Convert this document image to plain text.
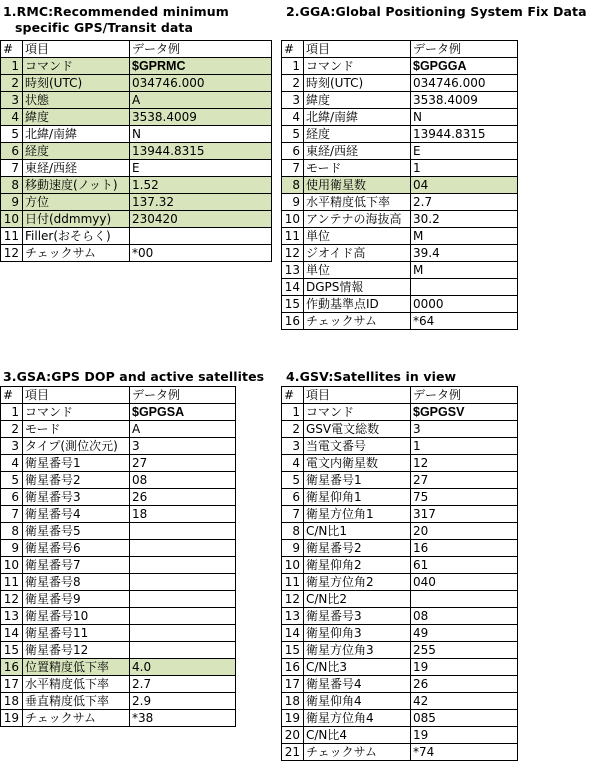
1.RMC:Recommended minimum
specific GPS/Transit data
#	項目	データ例
1	コマンド	$GPRMC
2	時刻(UTC)	034746.000
3	状態	A
4	緯度	3538.4009
5	北緯/南緯	N
6	経度	13944.8315
7	東経/西経	E
8	移動速度(ノット)	1.52
9	方位	137.32
10	日付(ddmmyy)	230420
11	Filler(おそらく)	
12	チェックサム	*00
2.GGA:Global Positioning System Fix Data
#	項目	データ例
1	コマンド	$GPGGA
2	時刻(UTC)	034746.000
3	緯度	3538.4009
4	北緯/南緯	N
5	経度	13944.8315
6	東経/西経	E
7	モード	1
8	使用衛星数	04
9	水平精度低下率	2.7
10	アンテナの海抜高	30.2
11	単位	M
12	ジオイド高	39.4
13	単位	M
14	DGPS情報	
15	作動基準点ID	0000
16	チェックサム	*64
3.GSA:GPS DOP and active satellites
#	項目	データ例
1	コマンド	$GPGSA
2	モード	A
3	タイプ(測位次元)	3
4	衛星番号1	27
5	衛星番号2	08
6	衛星番号3	26
7	衛星番号4	18
8	衛星番号5	
9	衛星番号6	
10	衛星番号7	
11	衛星番号8	
12	衛星番号9	
13	衛星番号10	
14	衛星番号11	
15	衛星番号12	
16	位置精度低下率	4.0
17	水平精度低下率	2.7
18	垂直精度低下率	2.9
19	チェックサム	*38
4.GSV:Satellites in view
#	項目	データ例
1	コマンド	$GPGSV
2	GSV電文総数	3
3	当電文番号	1
4	電文内衛星数	12
5	衛星番号1	27
6	衛星仰角1	75
7	衛星方位角1	317
8	C/N比1	20
9	衛星番号2	16
10	衛星仰角2	61
11	衛星方位角2	040
12	C/N比2	
13	衛星番号3	08
14	衛星仰角3	49
15	衛星方位角3	255
16	C/N比3	19
17	衛星番号4	26
18	衛星仰角4	42
19	衛星方位角4	085
20	C/N比4	19
21	チェックサム	*74
